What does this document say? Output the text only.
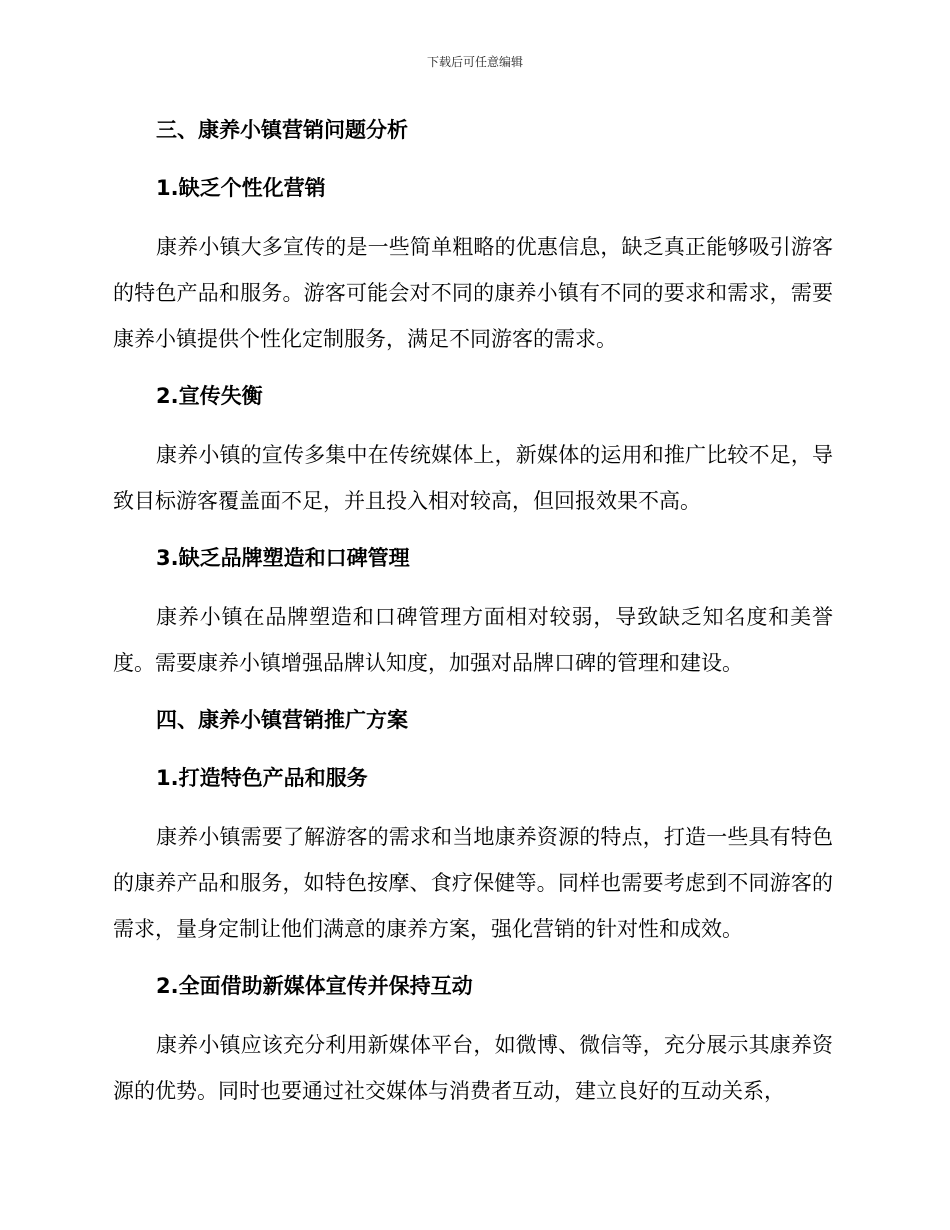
下载后可任意编辑
三、康养小镇营销问题分析
1.缺乏个性化营销

康养小镇大多宣传的是一些简单粗略的优惠信息，缺乏真正能够吸引游客的特色产品和服务。游客可能会对不同的康养小镇有不同的要求和需求，需要康养小镇提供个性化定制服务，满足不同游客的需求。

2.宣传失衡

康养小镇的宣传多集中在传统媒体上，新媒体的运用和推广比较不足，导致目标游客覆盖面不足，并且投入相对较高，但回报效果不高。

3.缺乏品牌塑造和口碑管理

康养小镇在品牌塑造和口碑管理方面相对较弱，导致缺乏知名度和美誉度。需要康养小镇增强品牌认知度，加强对品牌口碑的管理和建设。

四、康养小镇营销推广方案
1.打造特色产品和服务

康养小镇需要了解游客的需求和当地康养资源的特点，打造一些具有特色的康养产品和服务，如特色按摩、食疗保健等。同样也需要考虑到不同游客的需求，量身定制让他们满意的康养方案，强化营销的针对性和成效。

2.全面借助新媒体宣传并保持互动

康养小镇应该充分利用新媒体平台，如微博、微信等，充分展示其康养资源的优势。同时也要通过社交媒体与消费者互动，建立良好的互动关系，
